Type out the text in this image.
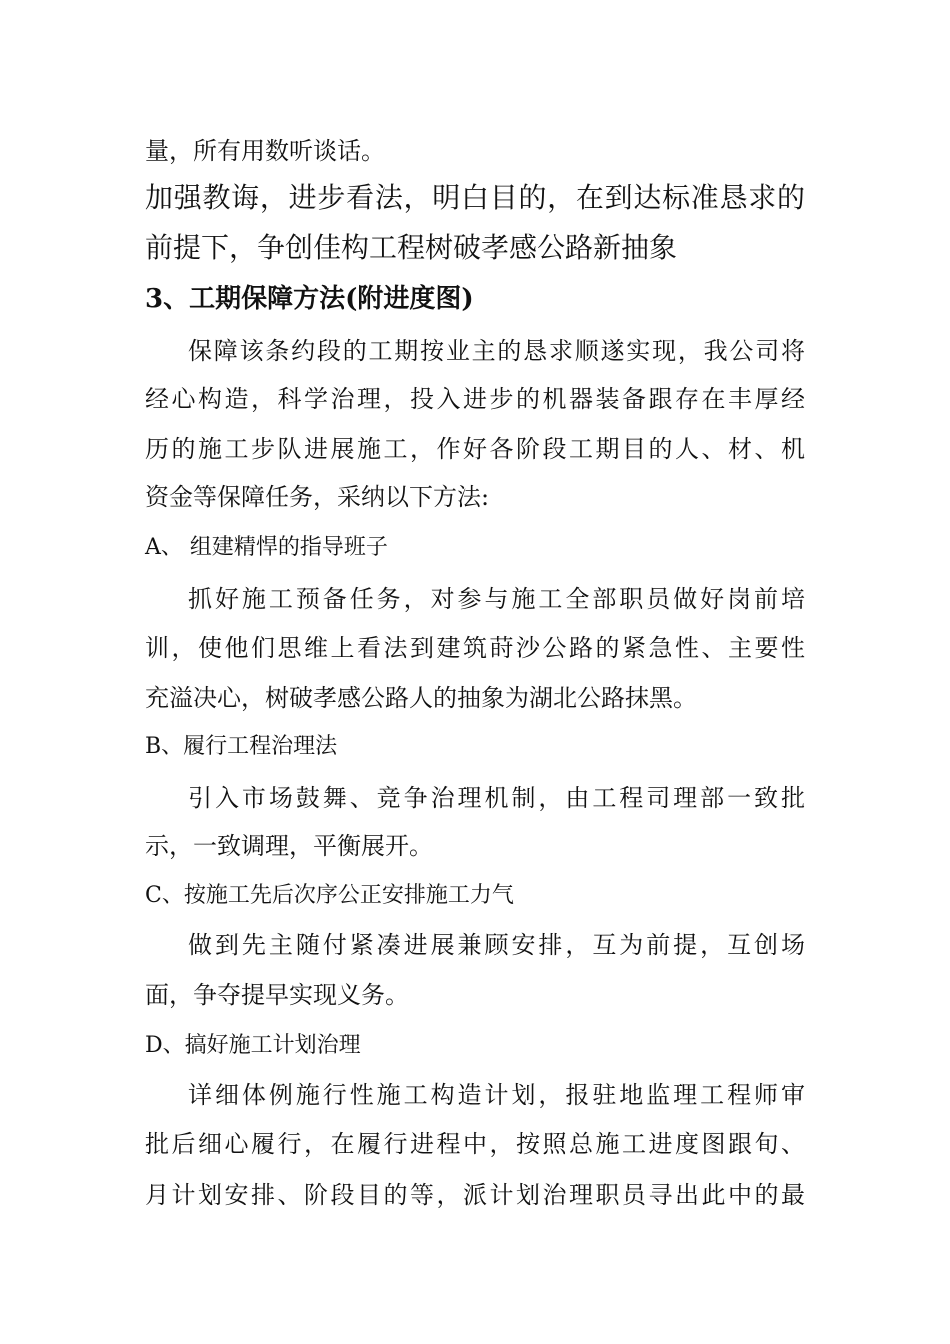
量，所有用数听谈话。
加强教诲，进步看法，明白目的，在到达标准恳求的
前提下，争创佳构工程树破孝感公路新抽象
3、工期保障方法(附进度图)
保障该条约段的工期按业主的恳求顺遂实现，我公司将
经心构造，科学治理，投入进步的机器装备跟存在丰厚经
历的施工步队进展施工，作好各阶段工期目的人、材、机
资金等保障任务，采纳以下方法:
A、 组建精悍的指导班子
抓好施工预备任务，对参与施工全部职员做好岗前培
训，使他们思维上看法到建筑莳沙公路的紧急性、主要性
充溢决心，树破孝感公路人的抽象为湖北公路抹黑。
B、履行工程治理法
引入市场鼓舞、竞争治理机制，由工程司理部一致批
示，一致调理，平衡展开。
C、按施工先后次序公正安排施工力气
做到先主随付紧凑进展兼顾安排，互为前提，互创场
面，争夺提早实现义务。
D、搞好施工计划治理
详细体例施行性施工构造计划，报驻地监理工程师审
批后细心履行，在履行进程中，按照总施工进度图跟旬、
月计划安排、阶段目的等，派计划治理职员寻出此中的最
